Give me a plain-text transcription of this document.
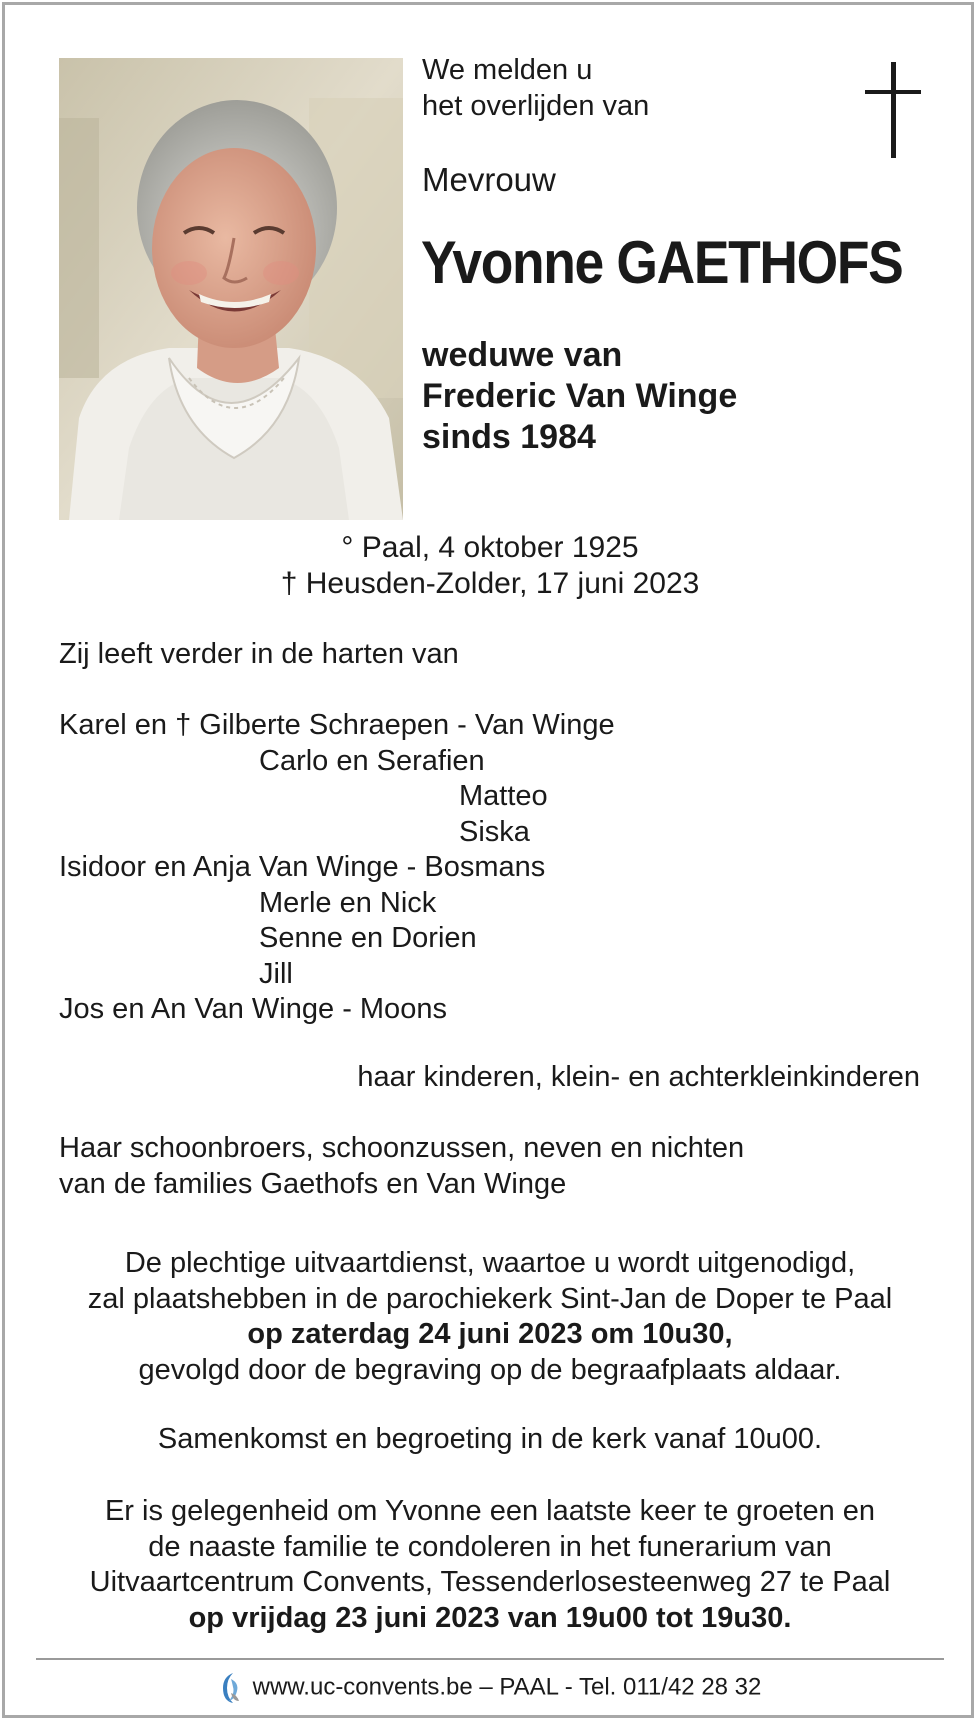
We melden u
het overlijden van
Mevrouw
Yvonne GAETHOFS
weduwe van
Frederic Van Winge
sinds 1984
° Paal, 4 oktober 1925
† Heusden-Zolder, 17 juni 2023
Zij leeft verder in de harten van
Karel en † Gilberte Schraepen - Van Winge
Carlo en Serafien
Matteo
Siska
Isidoor en Anja Van Winge - Bosmans
Merle en Nick
Senne en Dorien
Jill
Jos en An Van Winge - Moons
haar kinderen, klein- en achterkleinkinderen
Haar schoonbroers, schoonzussen, neven en nichten
van de families Gaethofs en Van Winge
De plechtige uitvaartdienst, waartoe u wordt uitgenodigd,
zal plaatshebben in de parochiekerk Sint-Jan de Doper te Paal
op zaterdag 24 juni 2023 om 10u30,
gevolgd door de begraving op de begraafplaats aldaar.
Samenkomst en begroeting in de kerk vanaf 10u00.
Er is gelegenheid om Yvonne een laatste keer te groeten en
de naaste familie te condoleren in het funerarium van
Uitvaartcentrum Convents, Tessenderlosesteenweg 27 te Paal
op vrijdag 23 juni 2023 van 19u00 tot 19u30.
www.uc-convents.be – PAAL - Tel. 011/42 28 32
